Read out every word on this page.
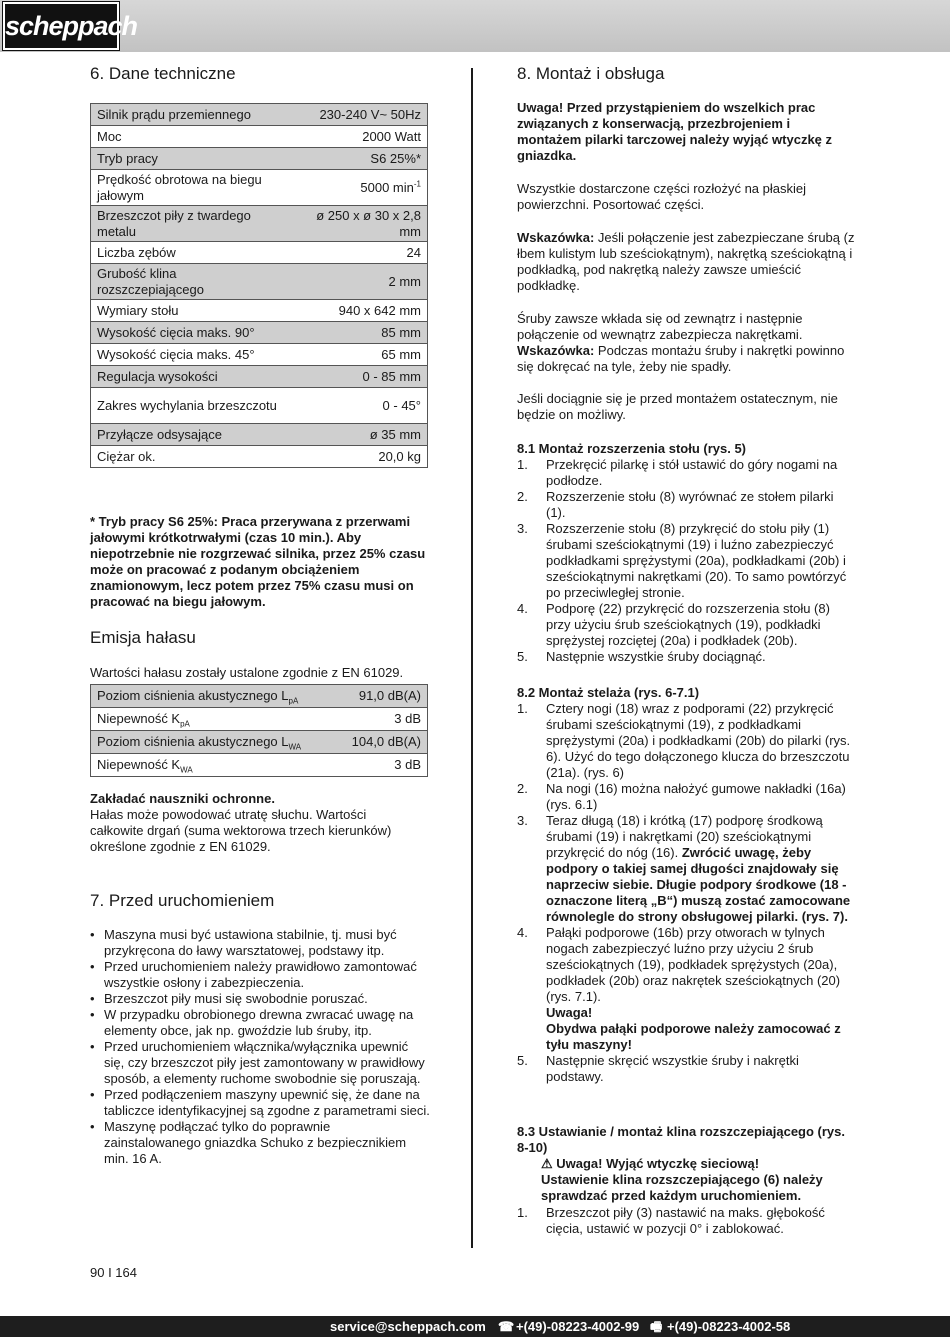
scheppach
6. Dane techniczne
Silnik prądu przemiennego	230-240 V~ 50Hz
Moc	2000 Watt
Tryb pracy	S6 25%*
Prędkość obrotowa na biegu jałowym	5000 $\min^{-1}$
Brzeszczot piły z twardego metalu	ø 250 x ø 30 x 2,8 mm
Liczba zębów	24
Grubość klina rozszczepiającego	2 mm
Wymiary stołu	940 x 642 mm
Wysokość cięcia maks. 90°	85 mm
Wysokość cięcia maks. 45°	65 mm
Regulacja wysokości	0 - 85 mm
Zakres wychylania brzeszczotu	0 - 45°
Przyłącze odsysające	ø 35 mm
Ciężar ok.	20,0 kg

* Tryb pracy S6 25%: Praca przerywana z przerwami jałowymi krótkotrwałymi (czas 10 min.). Aby niepotrzebnie nie rozgrzewać silnika, przez 25% czasu może on pracować z podanym obciążeniem znamionowym, lecz potem przez 75% czasu musi on pracować na biegu jałowym.

Emisja hałasu

Wartości hałasu zostały ustalone zgodnie z EN 61029.

Poziom ciśnienia akustycznego $L_{pA}$	91,0 dB(A)
Niepewność $K_{pA}$	3 dB
Poziom ciśnienia akustycznego $L_{WA}$	104,0 dB(A)
Niepewność $K_{WA}$	3 dB

Zakładać nauszniki ochronne.

Hałas może powodować utratę słuchu. Wartości całkowite drgań (suma wektorowa trzech kierunków) określone zgodnie z EN 61029.

7. Przed uruchomieniem
• Maszyna musi być ustawiona stabilnie, tj. musi być przykręcona do ławy warsztatowej, podstawy itp.
• Przed uruchomieniem należy prawidłowo zamontować wszystkie osłony i zabezpieczenia.
• Brzeszczot piły musi się swobodnie poruszać.
• W przypadku obrobionego drewna zwracać uwagę na elementy obce, jak np. gwoździe lub śruby, itp.
• Przed uruchomieniem włącznika/wyłącznika upewnić się, czy brzeszczot piły jest zamontowany w prawidłowy sposób, a elementy ruchome swobodnie się poruszają.
• Przed podłączeniem maszyny upewnić się, że dane na tabliczce identyfikacyjnej są zgodne z parametrami sieci.
• Maszynę podłączać tylko do poprawnie zainstalowanego gniazdka Schuko z bezpiecznikiem min. 16 A.
90 I 164
8. Montaż i obsługa

Uwaga! Przed przystąpieniem do wszelkich prac związanych z konserwacją, przezbrojeniem i montażem pilarki tarczowej należy wyjąć wtyczkę z gniazdka.

Wszystkie dostarczone części rozłożyć na płaskiej powierzchni. Posortować części.

Wskazówka: Jeśli połączenie jest zabezpieczane śrubą (z łbem kulistym lub sześciokątnym), nakrętką sześciokątną i podkładką, pod nakrętką należy zawsze umieścić podkładkę.

Śruby zawsze wkłada się od zewnątrz i następnie połączenie od wewnątrz zabezpiecza nakrętkami.

Wskazówka: Podczas montażu śruby i nakrętki powinno się dokręcać na tyle, żeby nie spadły.

Jeśli dociągnie się je przed montażem ostatecznym, nie będzie on możliwy.

8.1 Montaż rozszerzenia stołu (rys. 5)

1. Przekręcić pilarkę i stół ustawić do góry nogami na podłodze.
2. Rozszerzenie stołu (8) wyrównać ze stołem pilarki (1).
3. Rozszerzenie stołu (8) przykręcić do stołu piły (1) śrubami sześciokątnymi (19) i luźno zabezpieczyć podkładkami sprężystymi (20a), podkładkami (20b) i sześciokątnymi nakrętkami (20). To samo powtórzyć po przeciwległej stronie.
4. Podporę (22) przykręcić do rozszerzenia stołu (8) przy użyciu śrub sześciokątnych (19), podkładki sprężystej rozciętej (20a) i podkładek (20b).
5. Następnie wszystkie śruby dociągnąć.

8.2 Montaż stelaża (rys. 6-7.1)

1. Cztery nogi (18) wraz z podporami (22) przykręcić śrubami sześciokątnymi (19), z podkładkami sprężystymi (20a) i podkładkami (20b) do pilarki (rys. 6). Użyć do tego dołączonego klucza do brzeszczotu (21a). (rys. 6)
2. Na nogi (16) można nałożyć gumowe nakładki (16a) (rys. 6.1)
3. Teraz długą (18) i krótką (17) podporę środkową śrubami (19) i nakrętkami (20) sześciokątnymi przykręcić do nóg (16). Zwrócić uwagę, żeby podpory o takiej samej długości znajdowały się naprzeciw siebie. Długie podpory środkowe (18 - oznaczone literą „B“) muszą zostać zamocowane równolegle do strony obsługowej pilarki. (rys. 7).
4. Pałąki podporowe (16b) przy otworach w tylnych nogach zabezpieczyć luźno przy użyciu 2 śrub sześciokątnych (19), podkładek sprężystych (20a), podkładek (20b) oraz nakrętek sześciokątnych (20) (rys. 7.1).
Uwaga!
Obydwa pałąki podporowe należy zamocować z tyłu maszyny!
5. Następnie skręcić wszystkie śruby i nakrętki podstawy.

8.3 Ustawianie / montaż klina rozszczepiającego (rys. 8-10)

⚠ Uwaga! Wyjąć wtyczkę sieciową!

Ustawienie klina rozszczepiającego (6) należy sprawdzać przed każdym uruchomieniem.

1. Brzeszczot piły (3) nastawić na maks. głębokość cięcia, ustawić w pozycji 0° i zablokować.
service@scheppach.com ☎ +(49)-08223-4002-99 🖷 +(49)-08223-4002-58
